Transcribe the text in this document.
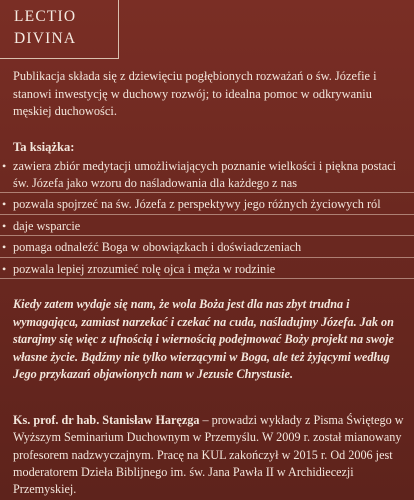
LECTIO
DIVINA

Publikacja składa się z dziewięciu pogłębionych rozważań o św. Józefie i stanowi inwestycję w duchowy rozwój; to idealna pomoc w odkrywaniu męskiej duchowości.

Ta książka:

• zawiera zbiór medytacji umożliwiających poznanie wielkości i piękna postaci św. Józefa jako wzoru do naśladowania dla każdego z nas
• pozwala spojrzeć na św. Józefa z perspektywy jego różnych życiowych ról
• daje wsparcie
• pomaga odnaleźć Boga w obowiązkach i doświadczeniach
• pozwala lepiej zrozumieć rolę ojca i męża w rodzinie

Kiedy zatem wydaje się nam, że wola Boża jest dla nas zbyt trudna i wymagająca, zamiast narzekać i czekać na cuda, naśladujmy Józefa. Jak on starajmy się więc z ufnością i wiernością podejmować Boży projekt na swoje własne życie. Bądźmy nie tylko wierzącymi w Boga, ale też żyjącymi według Jego przykazań objawionych nam w Jezusie Chrystusie.

Ks. prof. dr hab. Stanisław Haręzga – prowadzi wykłady z Pisma Świętego w Wyższym Seminarium Duchownym w Przemyślu. W 2009 r. został mianowany profesorem nadzwyczajnym. Pracę na KUL zakończył w 2015 r. Od 2006 jest moderatorem Dzieła Biblijnego im. św. Jana Pawła II w Archidiecezji Przemyskiej.
